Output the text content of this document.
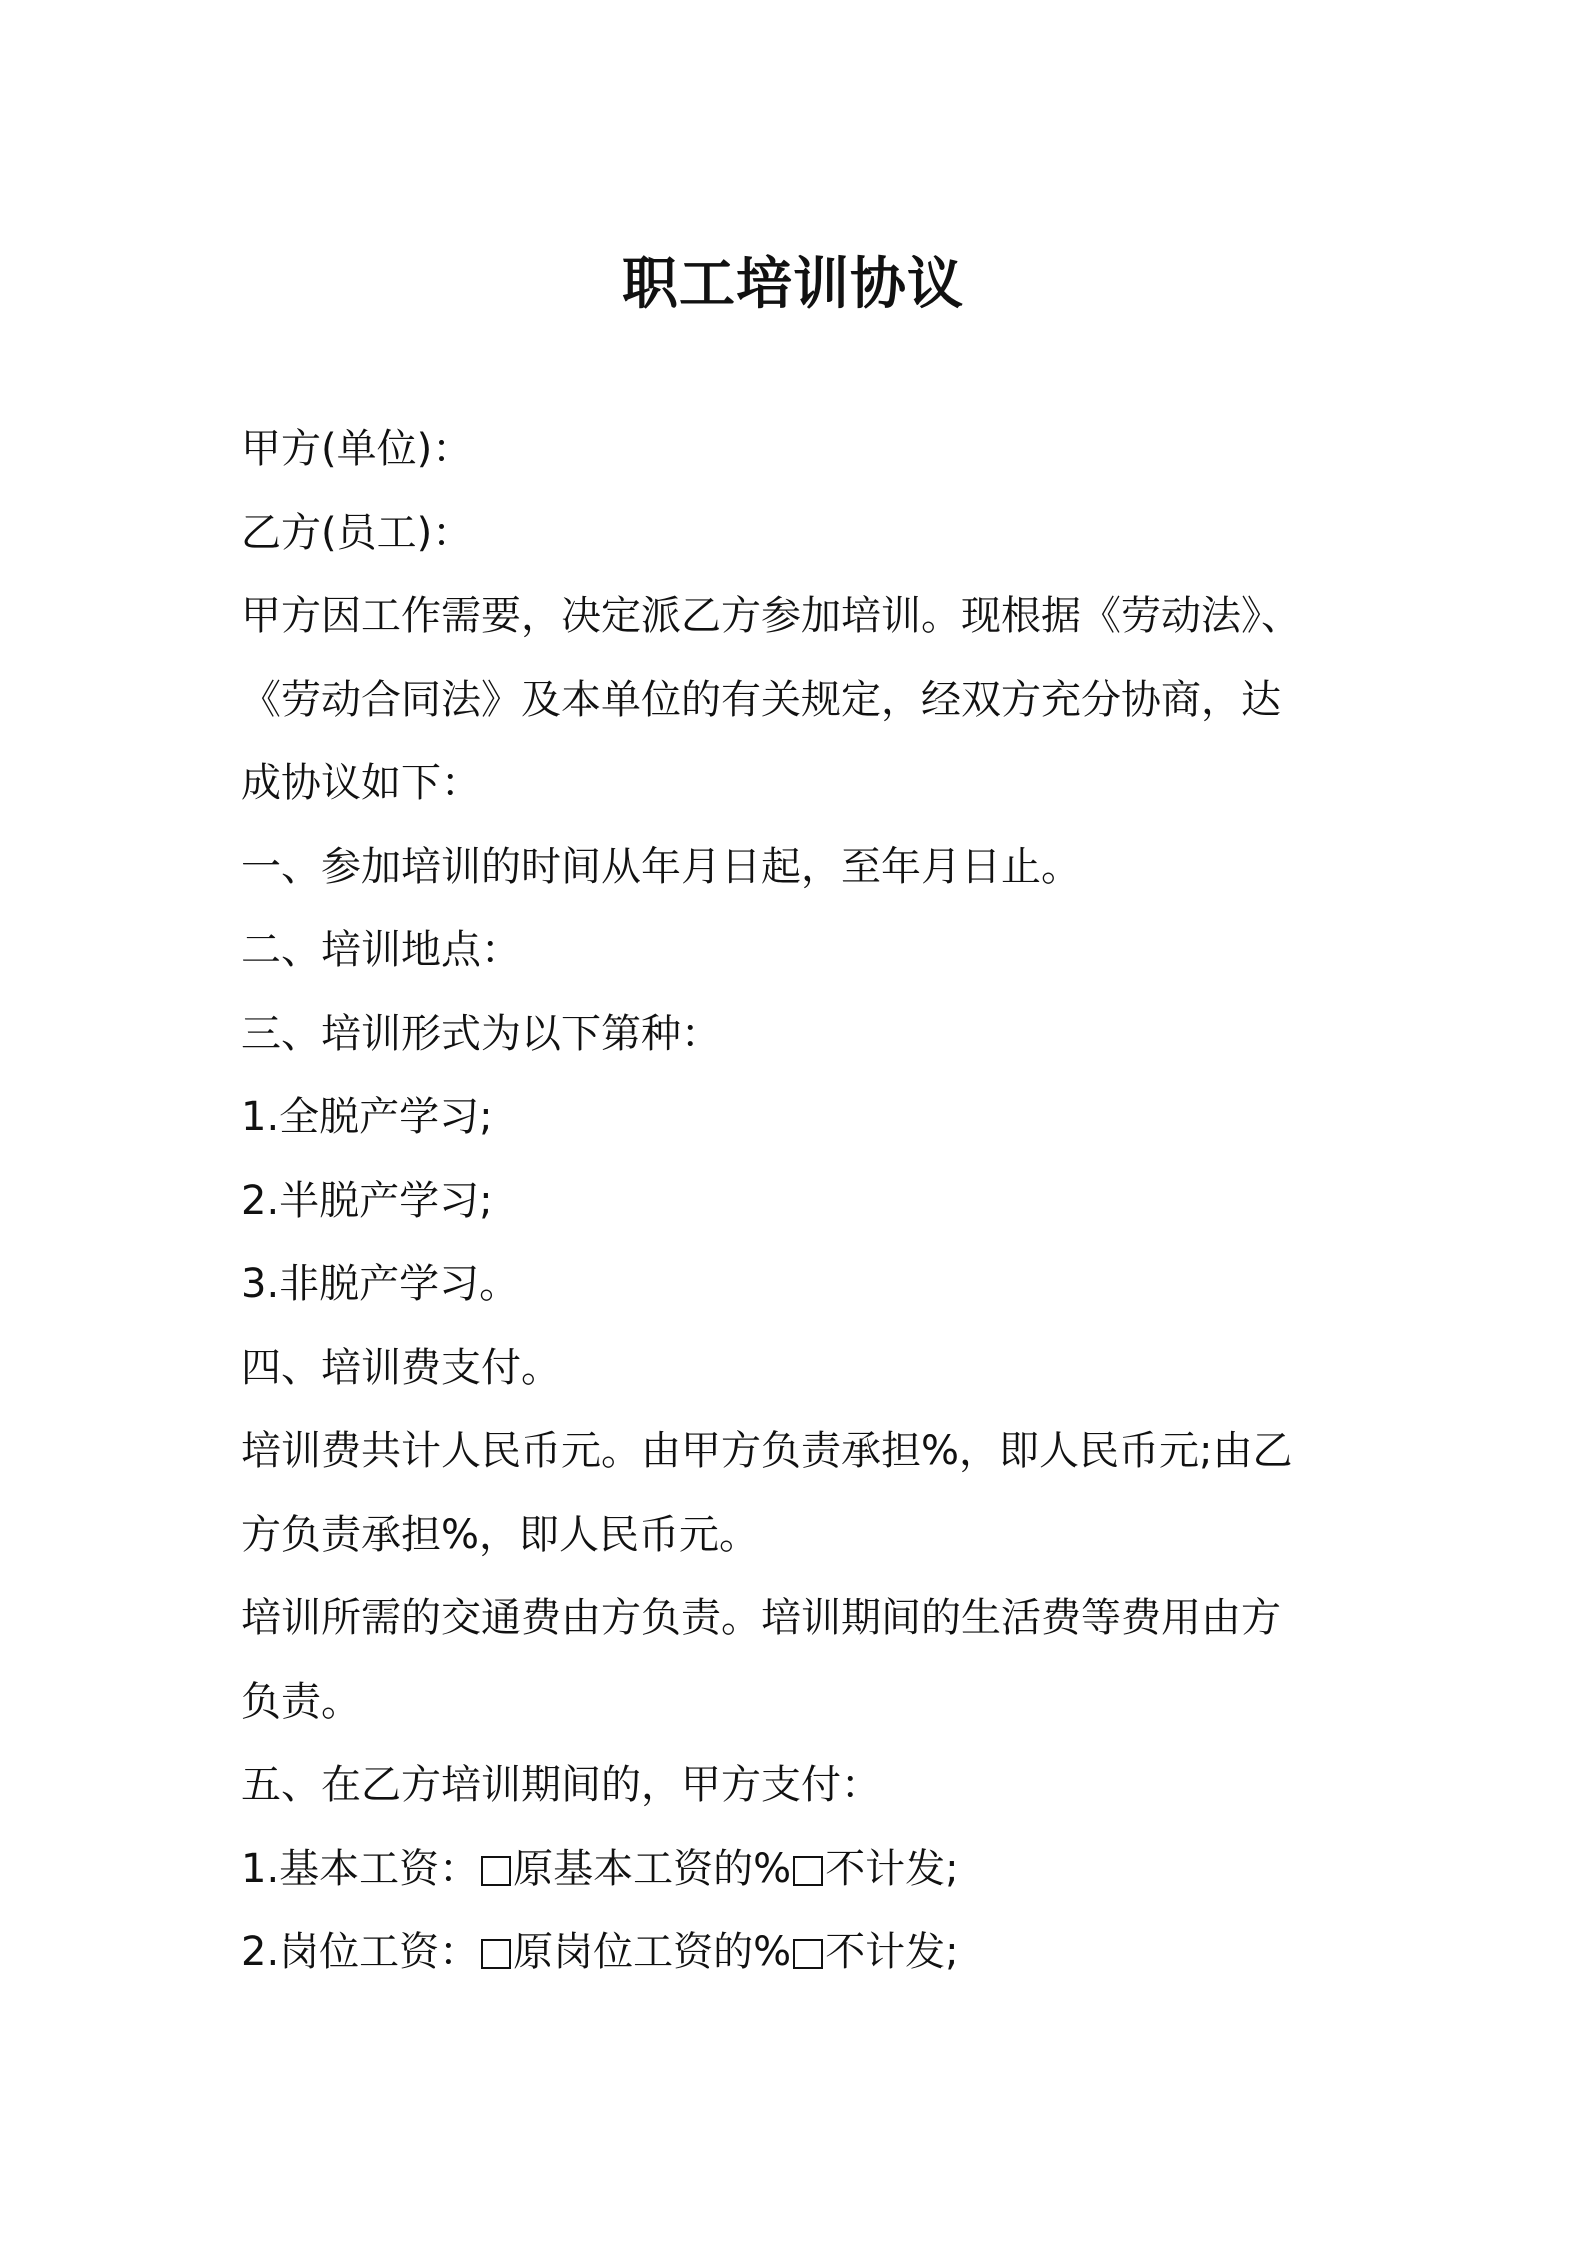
职工培训协议
甲方(单位)：
乙方(员工)：
甲方因工作需要，决定派乙方参加培训。现根据《劳动法》、
《劳动合同法》及本单位的有关规定，经双方充分协商，达
成协议如下：
一、参加培训的时间从年月日起，至年月日止。
二、培训地点：
三、培训形式为以下第种：
1.全脱产学习;
2.半脱产学习;
3.非脱产学习。
四、培训费支付。
培训费共计人民币元。由甲方负责承担%，即人民币元;由乙
方负责承担%，即人民币元。
培训所需的交通费由方负责。培训期间的生活费等费用由方
负责。
五、在乙方培训期间的，甲方支付：
1.基本工资： 原基本工资的% 不计发;
2.岗位工资： 原岗位工资的% 不计发;
